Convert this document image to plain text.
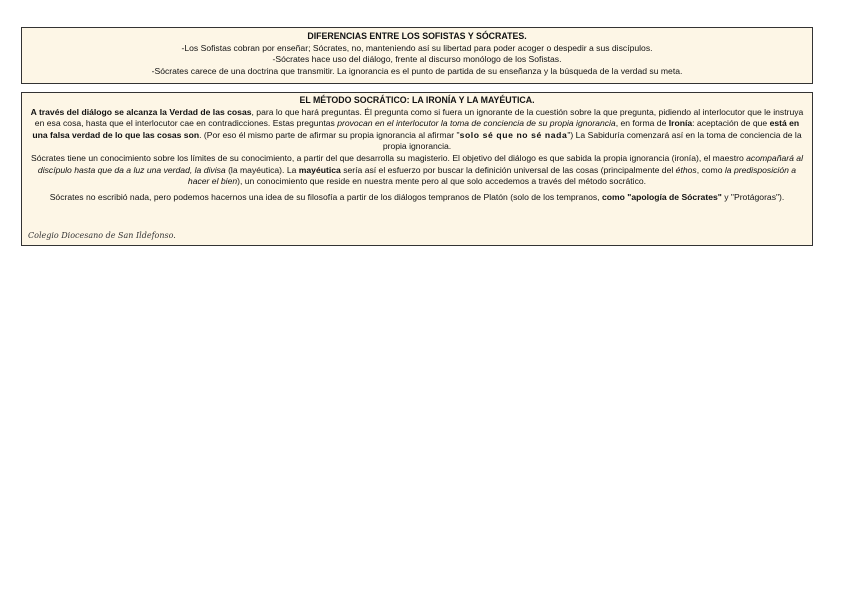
DIFERENCIAS ENTRE LOS SOFISTAS Y SÓCRATES.

-Los Sofistas cobran por enseñar; Sócrates, no, manteniendo así su libertad para poder acoger o despedir a sus discípulos.

-Sócrates hace uso del diálogo, frente al discurso monólogo de los Sofistas.

-Sócrates carece de una doctrina que transmitir. La ignorancia es el punto de partida de su enseñanza y la búsqueda de la verdad su meta.

EL MÉTODO SOCRÁTICO: LA IRONÍA Y LA MAYÉUTICA.

A través del diálogo se alcanza la Verdad de las cosas, para lo que hará preguntas. Él pregunta como si fuera un ignorante de la cuestión sobre la que pregunta, pidiendo al interlocutor que le instruya en esa cosa, hasta que el interlocutor cae en contradicciones. Estas preguntas provocan en el interlocutor la toma de conciencia de su propia ignorancia, en forma de Ironía: aceptación de que está en una falsa verdad de lo que las cosas son. (Por eso él mismo parte de afirmar su propia ignorancia al afirmar "solo sé que no sé nada") La Sabiduría comenzará así en la toma de conciencia de la propia ignorancia.

Sócrates tiene un conocimiento sobre los límites de su conocimiento, a partir del que desarrolla su magisterio. El objetivo del diálogo es que sabida la propia ignorancia (ironía), el maestro acompañará al discípulo hasta que da a luz una verdad, la divisa (la mayéutica). La mayéutica sería así el esfuerzo por buscar la definición universal de las cosas (principalmente del éthos, como la predisposición a hacer el bien), un conocimiento que reside en nuestra mente pero al que solo accedemos a través del método socrático.

Sócrates no escribió nada, pero podemos hacernos una idea de su filosofía a partir de los diálogos tempranos de Platón (solo de los tempranos, como "apología de Sócrates" y "Protágoras").

Colegio Diocesano de San Ildefonso.
